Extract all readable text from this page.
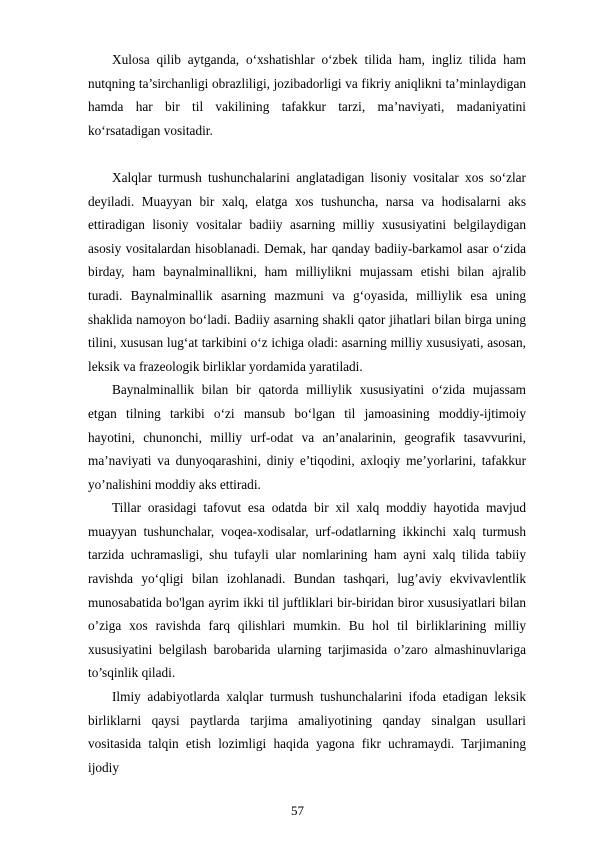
Xulosa qilib aytganda, o‘xshatishlar o‘zbek tilida ham, ingliz tilida ham nutqning ta’sirchanligi obrazliligi, jozibadorligi va fikriy aniqlikni ta’minlaydigan hamda har bir til vakilining tafakkur tarzi, ma’naviyati, madaniyatini ko‘rsatadigan vositadir.

Xalqlar turmush tushunchalarini anglatadigan lisoniy vositalar xos so‘zlar deyiladi. Muayyan bir xalq, elatga xos tushuncha, narsa va hodisalarni aks ettiradigan lisoniy vositalar badiiy asarning milliy xususiyatini belgilaydigan asosiy vositalardan hisoblanadi. Demak, har qanday badiiy-barkamol asar o‘zida birday, ham baynalminallikni, ham milliylikni mujassam etishi bilan ajralib turadi. Baynalminallik asarning mazmuni va g‘oyasida, milliylik esa uning shaklida namoyon bo‘ladi. Badiiy asarning shakli qator jihatlari bilan birga uning tilini, xususan lug‘at tarkibini o‘z ichiga oladi: asarning milliy xususiyati, asosan, leksik va frazeologik birliklar yordamida yaratiladi.

Baynalminallik bilan bir qatorda milliylik xususiyatini o‘zida mujassam etgan tilning tarkibi o‘zi mansub bo‘lgan til jamoasining moddiy-ijtimoiy hayotini, chunonchi, milliy urf-odat va an’analarinin, geografik tasavvurini, ma’naviyati va dunyoqarashini, diniy e’tiqodini, axloqiy me’yorlarini, tafakkur yo’nalishini moddiy aks ettiradi.

Tillar orasidagi tafovut esa odatda bir xil xalq moddiy hayotida mavjud muayyan tushunchalar, voqea-xodisalar, urf-odatlarning ikkinchi xalq turmush tarzida uchramasligi, shu tufayli ular nomlarining ham ayni xalq tilida tabiiy ravishda yo‘qligi bilan izohlanadi. Bundan tashqari, lug’aviy ekvivavlentlik munosabatida bo'lgan ayrim ikki til juftliklari bir-biridan biror xususiyatlari bilan o’ziga xos ravishda farq qilishlari mumkin. Bu hol til birliklarining milliy xususiyatini belgilash barobarida ularning tarjimasida o’zaro almashinuvlariga to’sqinlik qiladi.

Ilmiy adabiyotlarda xalqlar turmush tushunchalarini ifoda etadigan leksik birliklarni qaysi paytlarda tarjima amaliyotining qanday sinalgan usullari vositasida talqin etish lozimligi haqida yagona fikr uchramaydi. Tarjimaning ijodiy

57
